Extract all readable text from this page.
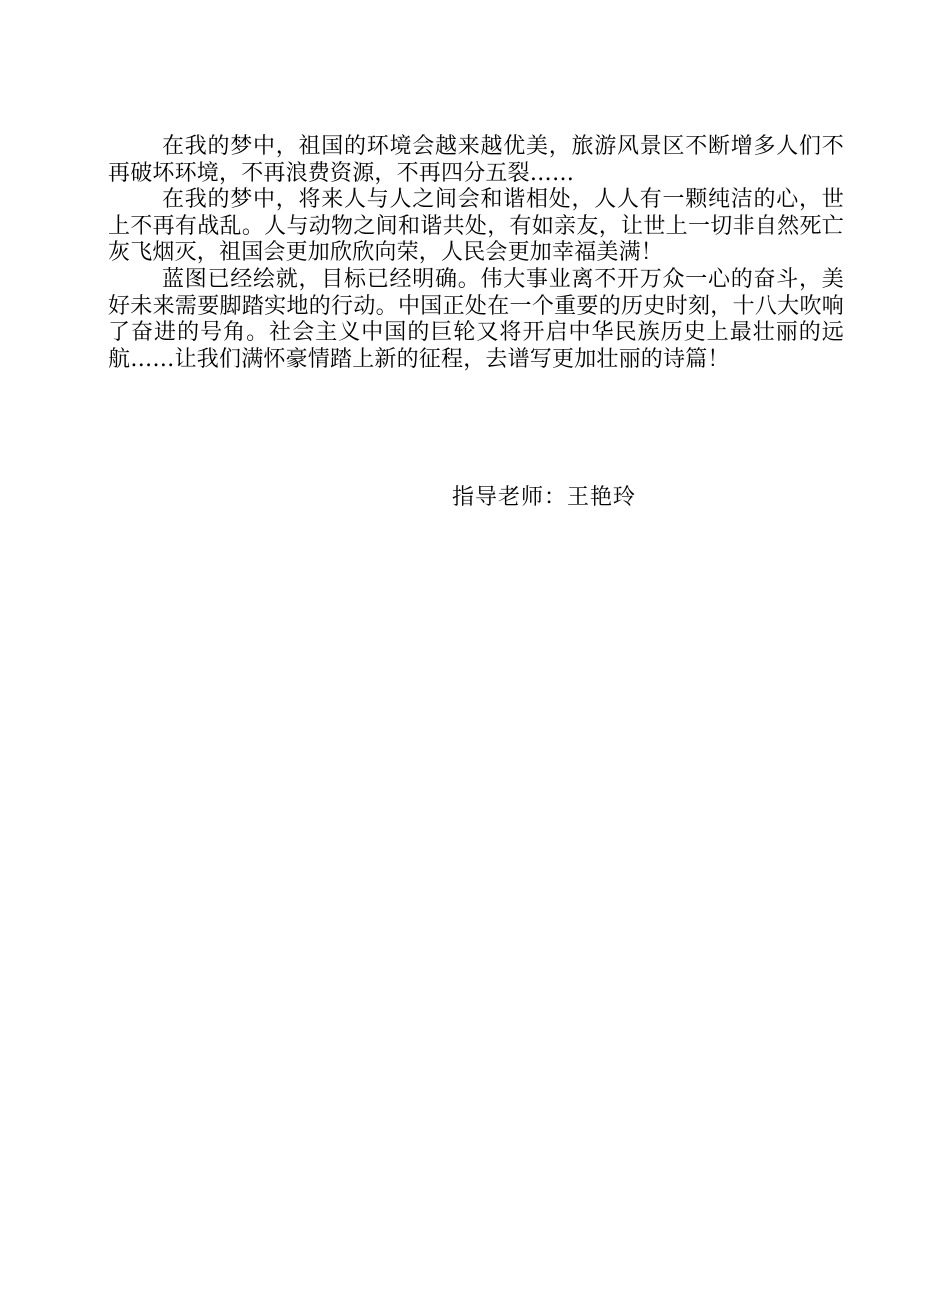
在我的梦中，祖国的环境会越来越优美，旅游风景区不断增多人们不再破坏环境，不再浪费资源，不再四分五裂……

在我的梦中，将来人与人之间会和谐相处，人人有一颗纯洁的心，世上不再有战乱。人与动物之间和谐共处，有如亲友，让世上一切非自然死亡灰飞烟灭，祖国会更加欣欣向荣，人民会更加幸福美满！

蓝图已经绘就，目标已经明确。伟大事业离不开万众一心的奋斗，美好未来需要脚踏实地的行动。中国正处在一个重要的历史时刻，十八大吹响了奋进的号角。社会主义中国的巨轮又将开启中华民族历史上最壮丽的远航……让我们满怀豪情踏上新的征程，去谱写更加壮丽的诗篇！

指导老师：王艳玲
